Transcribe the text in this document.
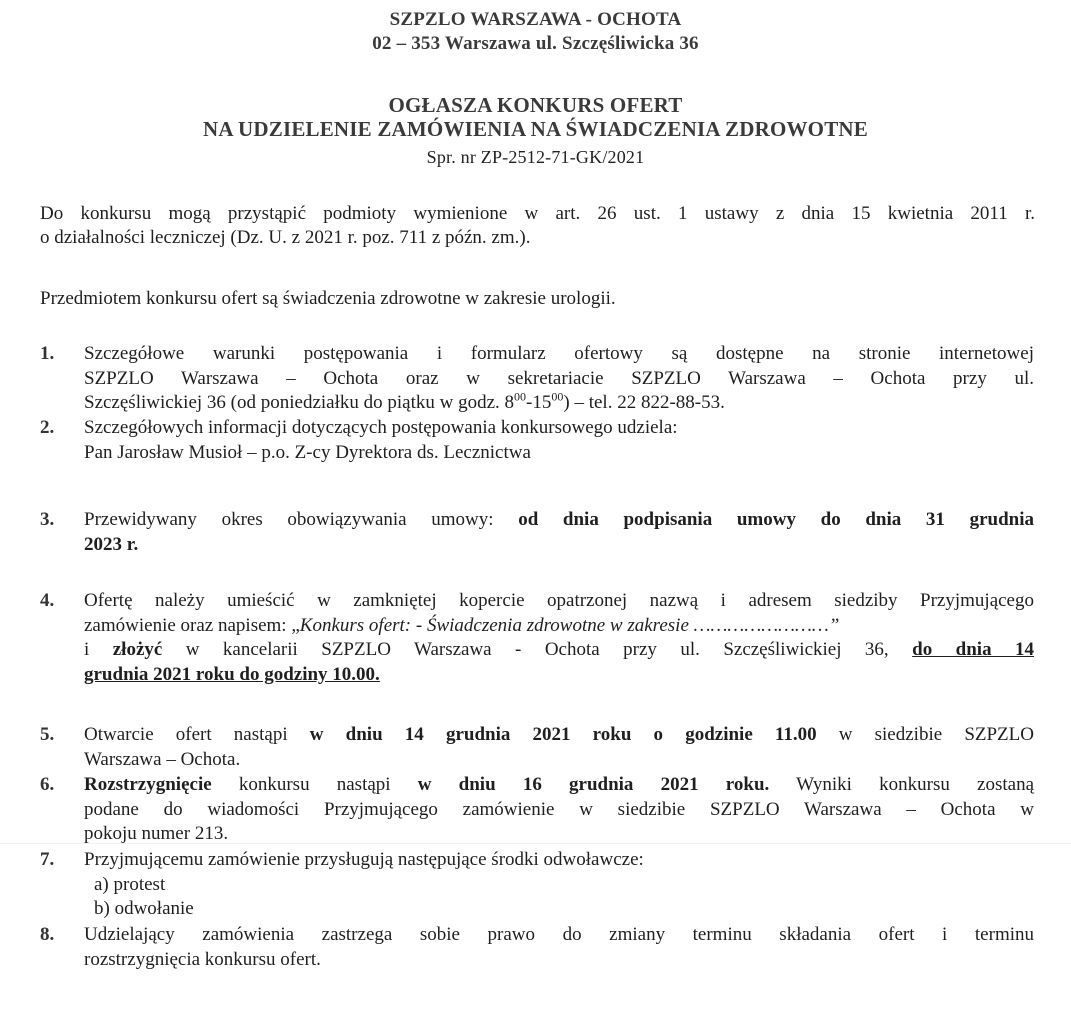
SZPZLO WARSZAWA - OCHOTA
02 – 353 Warszawa ul. Szczęśliwicka 36
OGŁASZA KONKURS OFERT
NA UDZIELENIE ZAMÓWIENIA NA ŚWIADCZENIA ZDROWOTNE
Spr. nr ZP-2512-71-GK/2021
Do konkursu mogą przystąpić podmioty wymienione w art. 26 ust. 1 ustawy z dnia 15 kwietnia 2011 r.
o działalności leczniczej (Dz. U. z 2021 r. poz. 711 z późn. zm.).
Przedmiotem konkursu ofert są świadczenia zdrowotne w zakresie urologii.
1. Szczegółowe warunki postępowania i formularz ofertowy są dostępne na stronie internetowej
SZPZLO Warszawa – Ochota oraz w sekretariacie SZPZLO Warszawa – Ochota przy ul.
Szczęśliwickiej 36 (od poniedziałku do piątku w godz. $8^{00}-15^{00}$) – tel. 22 822-88-53.
2. Szczegółowych informacji dotyczących postępowania konkursowego udziela:
Pan Jarosław Musioł – p.o. Z-cy Dyrektora ds. Lecznictwa
3. Przewidywany okres obowiązywania umowy: od dnia podpisania umowy do dnia 31 grudnia
2023 r.
4. Ofertę należy umieścić w zamkniętej kopercie opatrzonej nazwą i adresem siedziby Przyjmującego
zamówienie oraz napisem: „Konkurs ofert: - Świadczenia zdrowotne w zakresie ……………………”
i złożyć w kancelarii SZPZLO Warszawa - Ochota przy ul. Szczęśliwickiej 36, do dnia 14
grudnia 2021 roku do godziny 10.00.
5. Otwarcie ofert nastąpi w dniu 14 grudnia 2021 roku o godzinie 11.00 w siedzibie SZPZLO
Warszawa – Ochota.
6. Rozstrzygnięcie konkursu nastąpi w dniu 16 grudnia 2021 roku. Wyniki konkursu zostaną
podane do wiadomości Przyjmującego zamówienie w siedzibie SZPZLO Warszawa – Ochota w
pokoju numer 213.
7. Przyjmującemu zamówienie przysługują następujące środki odwoławcze:
a) protest
b) odwołanie
8. Udzielający zamówienia zastrzega sobie prawo do zmiany terminu składania ofert i terminu
rozstrzygnięcia konkursu ofert.
